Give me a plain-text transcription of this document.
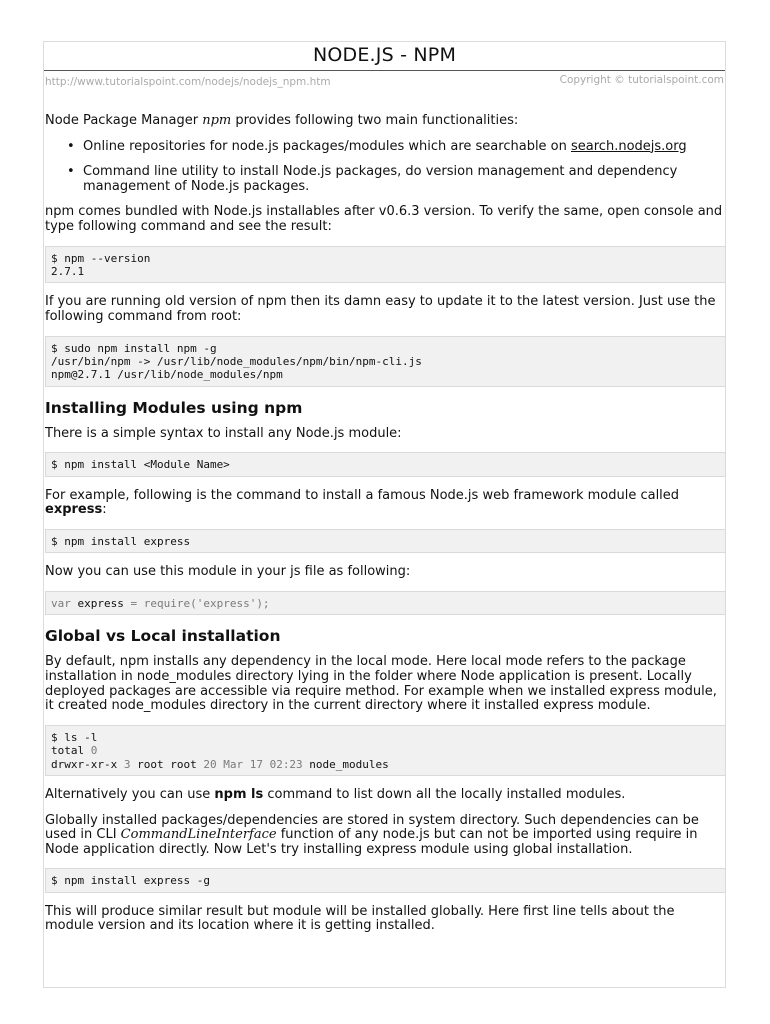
NODE.JS - NPM
http://www.tutorialspoint.com/nodejs/nodejs_npm.htm	Copyright © tutorialspoint.com

Node Package Manager npm provides following two main functionalities:

• Online repositories for node.js packages/modules which are searchable on search.nodejs.org
• Command line utility to install Node.js packages, do version management and dependency management of Node.js packages.

npm comes bundled with Node.js installables after v0.6.3 version. To verify the same, open console and type following command and see the result:

$ npm --version
2.7.1

If you are running old version of npm then its damn easy to update it to the latest version. Just use the following command from root:

$ sudo npm install npm -g
/usr/bin/npm -> /usr/lib/node_modules/npm/bin/npm-cli.js
npm@2.7.1 /usr/lib/node_modules/npm
Installing Modules using npm

There is a simple syntax to install any Node.js module:

$ npm install <Module Name>

For example, following is the command to install a famous Node.js web framework module called express:

$ npm install express

Now you can use this module in your js file as following:

var express = require('express');
Global vs Local installation

By default, npm installs any dependency in the local mode. Here local mode refers to the package installation in node_modules directory lying in the folder where Node application is present. Locally deployed packages are accessible via require method. For example when we installed express module, it created node_modules directory in the current directory where it installed express module.

$ ls -l
total 0
drwxr-xr-x 3 root root 20 Mar 17 02:23 node_modules

Alternatively you can use npm ls command to list down all the locally installed modules.

Globally installed packages/dependencies are stored in system directory. Such dependencies can be used in CLI CommandLineInterface function of any node.js but can not be imported using require in Node application directly. Now Let's try installing express module using global installation.

$ npm install express -g

This will produce similar result but module will be installed globally. Here first line tells about the module version and its location where it is getting installed.
